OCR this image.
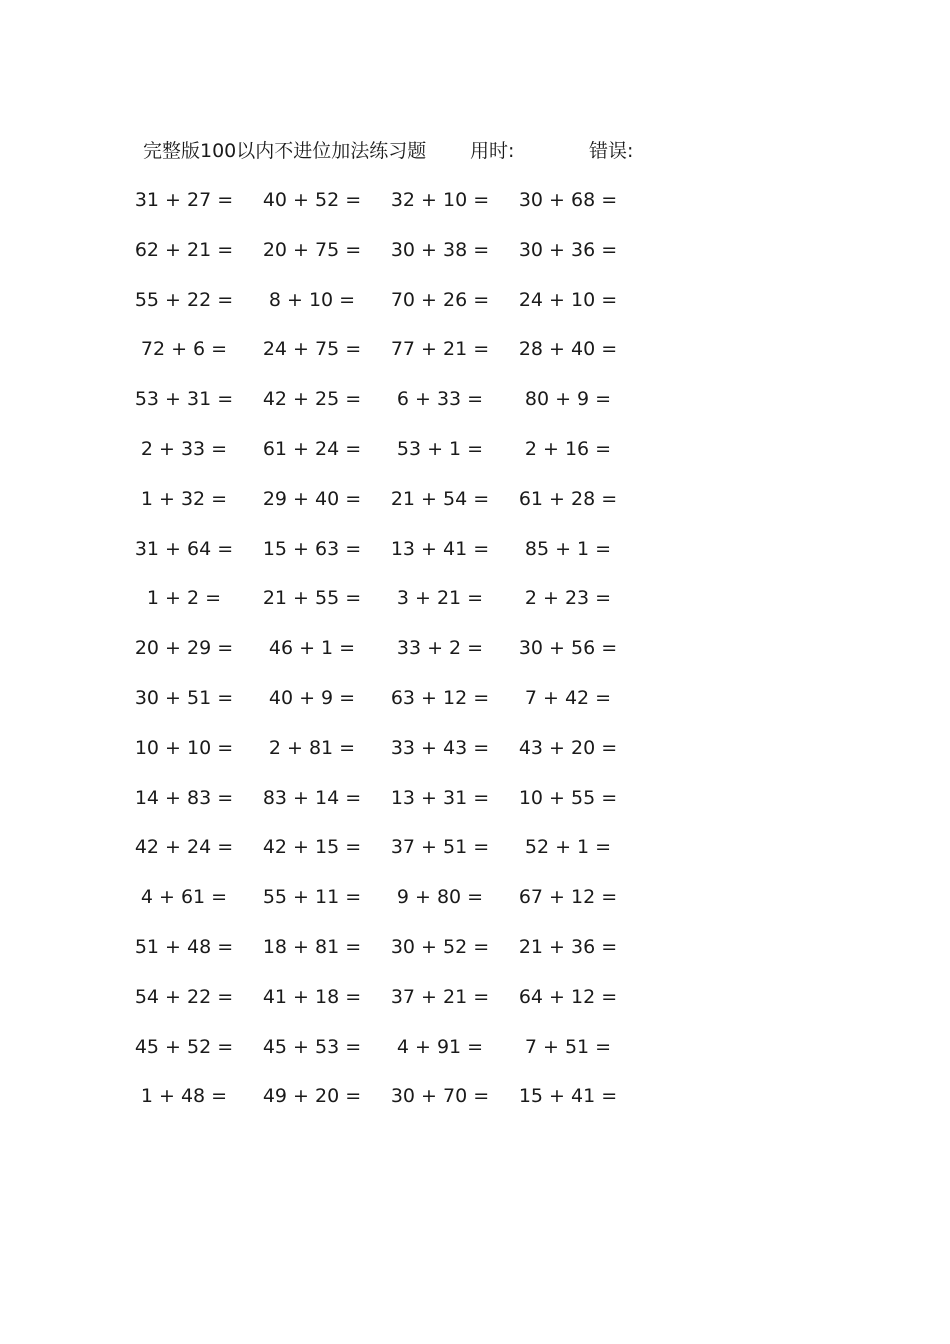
完整版100以内不进位加法练习题 用时:	错误:
31 + 27 =	40 + 52 =	32 + 10 =	30 + 68 =
62 + 21 =	20 + 75 =	30 + 38 =	30 + 36 =
55 + 22 =	8 + 10 =	70 + 26 =	24 + 10 =
72 + 6 =	24 + 75 =	77 + 21 =	28 + 40 =
53 + 31 =	42 + 25 =	6 + 33 =	80 + 9 =
2 + 33 =	61 + 24 =	53 + 1 =	2 + 16 =
1 + 32 =	29 + 40 =	21 + 54 =	61 + 28 =
31 + 64 =	15 + 63 =	13 + 41 =	85 + 1 =
1 + 2 =	21 + 55 =	3 + 21 =	2 + 23 =
20 + 29 =	46 + 1 =	33 + 2 =	30 + 56 =
30 + 51 =	40 + 9 =	63 + 12 =	7 + 42 =
10 + 10 =	2 + 81 =	33 + 43 =	43 + 20 =
14 + 83 =	83 + 14 =	13 + 31 =	10 + 55 =
42 + 24 =	42 + 15 =	37 + 51 =	52 + 1 =
4 + 61 =	55 + 11 =	9 + 80 =	67 + 12 =
51 + 48 =	18 + 81 =	30 + 52 =	21 + 36 =
54 + 22 =	41 + 18 =	37 + 21 =	64 + 12 =
45 + 52 =	45 + 53 =	4 + 91 =	7 + 51 =
1 + 48 =	49 + 20 =	30 + 70 =	15 + 41 =
